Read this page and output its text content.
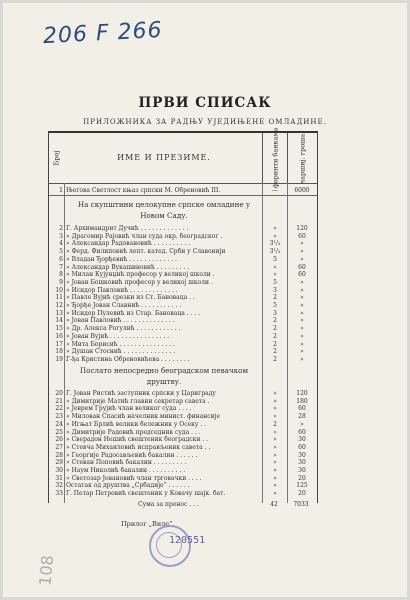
206 F 266
ПРВИ СПИСАК
ПРИЛОЖНИКА ЗА РАДЊУ УЈЕДИЊЕНЕ ОМЛАДИНЕ.
Број	ИМЕ И ПРЕЗИМЕ.	форинти банкама	чаршиј. гроша.
На скупштини целокупне српске омладине у Новом Саду.
Послато непосредно београдском певачком друштву.
1 Његова Светлост књаз српски М. Обреновић III.	—	6000
2 Г. Архимандрит Дучић . . . . . . . . . . . . .	»	120
3 » Драгомир Рајовић члан суда окр. београдског .	»	60
4 » Александар Радовановић . . . . . . . . . .	3¹/₃	»
5 » Ферд. Филиповић лепт. катед. Срби у Славонији	3¹/₃	»
6 » Владан Ђорђевић . . . . . . . . . . . . .	5	»
7 » Александар Вукашиновић . . . . . . . . .	»	60
8 » Милан Кујунџић професор у великој школи .	»	60
9 » Јован Бошковић професор у великој школи .	5	»
10 » Исидор Павловић . . . . . . . . . . . . .	3	»
11 » Павле Вујић срезки из Ст. Бановаца . .	2	»
12 » Ђорђе Јован Славнић . . . . . . . . . . .	5	»
13 » Исидор Пулевић из Стар. Бановаца . . . .	3	»
14 » Јован Павловић . . . . . . . . . . . . . .	2	»
15 » Др. Алекса Рогулић . . . . . . . . . . . .	2	»
16 » Јован Вујић . . . . . . . . . . . . . . . .	2	»
17 » Мита Борисић . . . . . . . . . . . . . . .	2	»
18 » Душан Стоснић . . . . . . . . . . . . . .	2	»
19 Г-ђа Кристина Обреновићева . . . . . . . .	2	»
20 Г. Јован Ристић заступник српски у Цариграду	»	120
21 » Димитрије Матић главни секретар савета .	»	180
22 » Јеврем Грујић члан великог суда . . . .	»	60
23 » Милован Спасић начелник минист. финансије	»	28
24 » Игњат Брлић велики бележник у Осеку . .	2	»
25 » Димитрије Радовић председник суда . . .	»	60
26 » Сверадон Нешић свештеник београдски . .	»	30
27 » Стевча Михаиловић исправљеник савета . .	»	60
28 » Георгије Радосављевић бакалин . . . . . .	»	30
29 » Стеван Поповић бакалин . . . . . . . . .	»	30
30 » Наум Николић бакалин . . . . . . . . . .	»	30
31 » Светозар Јовановић члан трговачки . . . .	»	20
32 Остатак од друштва „Србадије” . . . . . .	»	125
33 Г. Петар Петровић свештеник у Ковачу шајк. бат.	»	20
Сума за пренос . . .	42	7033
Прилог „Виле”.
120551
108
